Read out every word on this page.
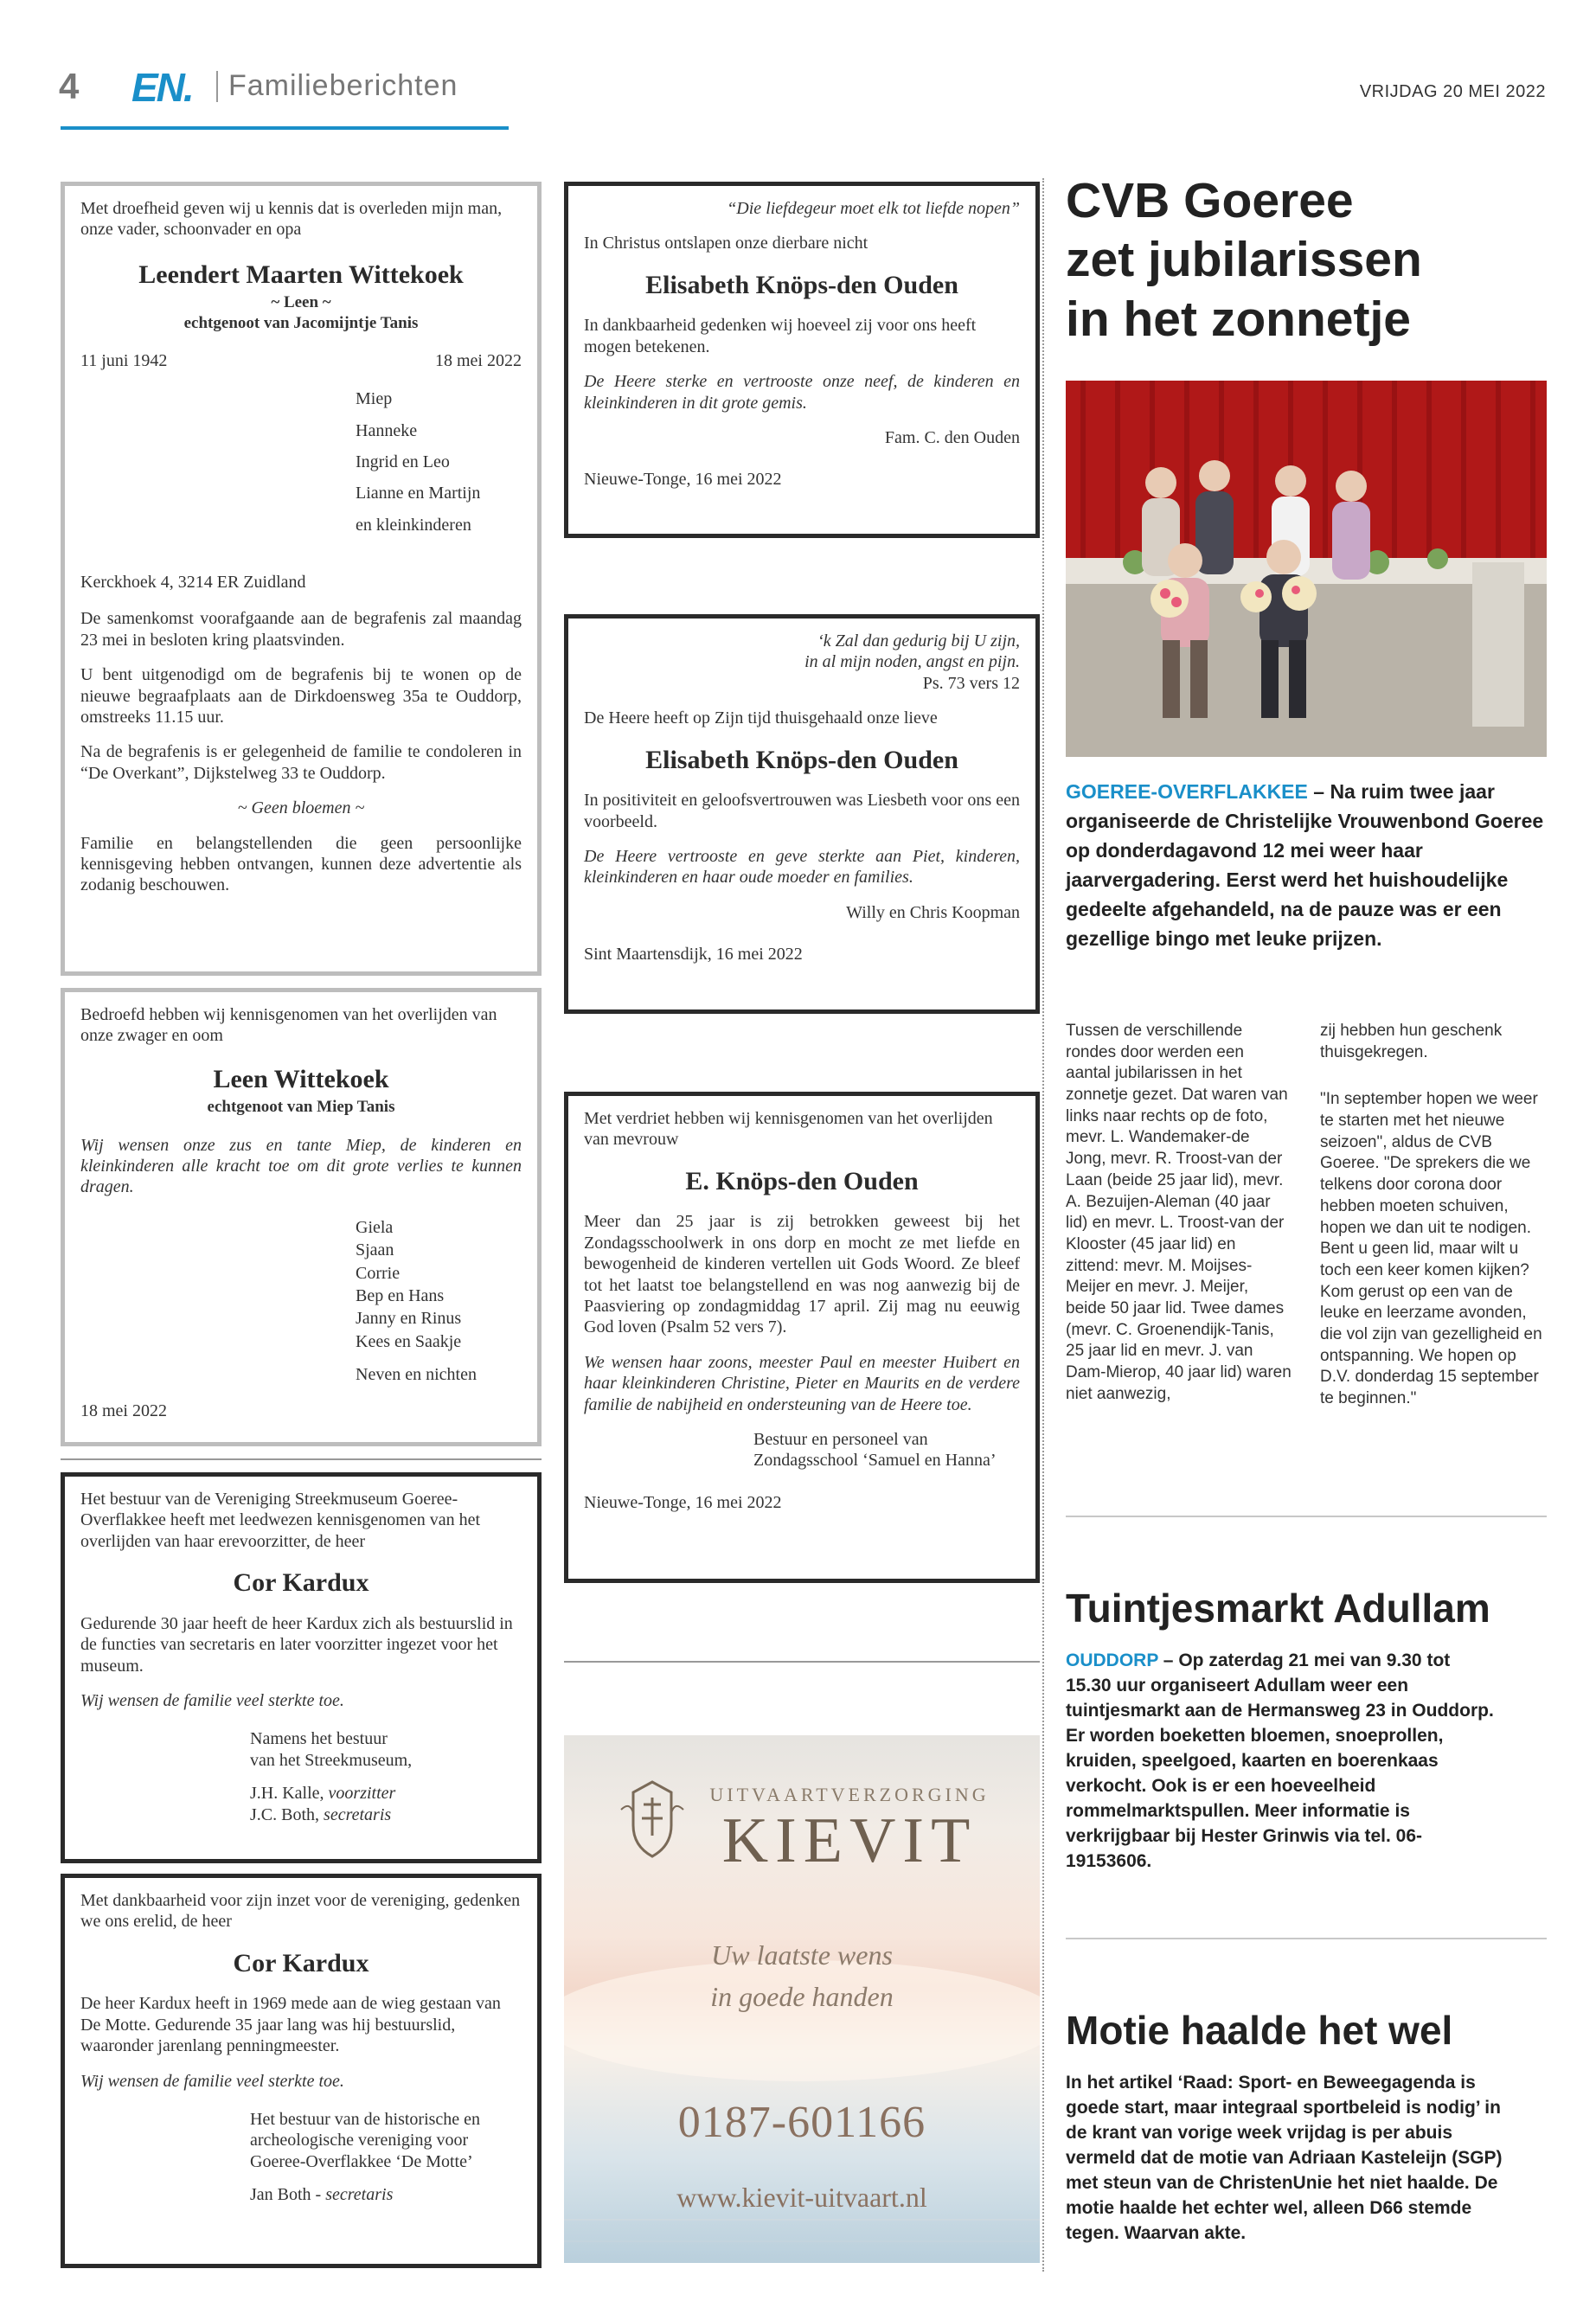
4 EN. Familieberichten	VRIJDAG 20 MEI 2022

Met droefheid geven wij u kennis dat is overleden mijn man, onze vader, schoonvader en opa

Leendert Maarten Wittekoek
~ Leen ~
echtgenoot van Jacomijntje Tanis
11 juni 1942	18 mei 2022
Miep
Hanneke
Ingrid en Leo
Lianne en Martijn
en kleinkinderen

Kerckhoek 4, 3214 ER Zuidland

De samenkomst voorafgaande aan de begrafenis zal maandag 23 mei in besloten kring plaatsvinden.

U bent uitgenodigd om de begrafenis bij te wonen op de nieuwe begraafplaats aan de Dirkdoensweg 35a te Ouddorp, omstreeks 11.15 uur.

Na de begrafenis is er gelegenheid de familie te condoleren in “De Overkant”, Dijkstelweg 33 te Ouddorp.

~ Geen bloemen ~

Familie en belangstellenden die geen persoonlijke kennisgeving hebben ontvangen, kunnen deze advertentie als zodanig beschouwen.

Bedroefd hebben wij kennisgenomen van het overlijden van onze zwager en oom

Leen Wittekoek
echtgenoot van Miep Tanis

Wij wensen onze zus en tante Miep, de kinderen en kleinkinderen alle kracht toe om dit grote verlies te kunnen dragen.

Giela
Sjaan
Corrie
Bep en Hans
Janny en Rinus
Kees en Saakje
Neven en nichten

18 mei 2022

Het bestuur van de Vereniging Streekmuseum Goeree-Overflakkee heeft met leedwezen kennisgenomen van het overlijden van haar erevoorzitter, de heer

Cor Kardux

Gedurende 30 jaar heeft de heer Kardux zich als bestuurslid in de functies van secretaris en later voorzitter ingezet voor het museum.

Wij wensen de familie veel sterkte toe.

Namens het bestuur
van het Streekmuseum,
J.H. Kalle, voorzitter
J.C. Both, secretaris

Met dankbaarheid voor zijn inzet voor de vereniging, gedenken we ons erelid, de heer

Cor Kardux

De heer Kardux heeft in 1969 mede aan de wieg gestaan van De Motte. Gedurende 35 jaar lang was hij bestuurslid, waaronder jarenlang penningmeester.

Wij wensen de familie veel sterkte toe.

Het bestuur van de historische en
archeologische vereniging voor
Goeree-Overflakkee ‘De Motte’
Jan Both - secretaris

“Die liefdegeur moet elk tot liefde nopen”

In Christus ontslapen onze dierbare nicht

Elisabeth Knöps-den Ouden

In dankbaarheid gedenken wij hoeveel zij voor ons heeft mogen betekenen.

De Heere sterke en vertrooste onze neef, de kinderen en kleinkinderen in dit grote gemis.

Fam. C. den Ouden

Nieuwe-Tonge, 16 mei 2022

‘k Zal dan gedurig bij U zijn,
in al mijn noden, angst en pijn.
Ps. 73 vers 12

De Heere heeft op Zijn tijd thuisgehaald onze lieve

Elisabeth Knöps-den Ouden

In positiviteit en geloofsvertrouwen was Liesbeth voor ons een voorbeeld.

De Heere vertrooste en geve sterkte aan Piet, kinderen, kleinkinderen en haar oude moeder en families.

Willy en Chris Koopman

Sint Maartensdijk, 16 mei 2022

Met verdriet hebben wij kennisgenomen van het overlijden van mevrouw

E. Knöps-den Ouden

Meer dan 25 jaar is zij betrokken geweest bij het Zondagsschoolwerk in ons dorp en mocht ze met liefde en bewogenheid de kinderen vertellen uit Gods Woord. Ze bleef tot het laatst toe belangstellend en was nog aanwezig bij de Paasviering op zondagmiddag 17 april. Zij mag nu eeuwig God loven (Psalm 52 vers 7).

We wensen haar zoons, meester Paul en meester Huibert en haar kleinkinderen Christine, Pieter en Maurits en de verdere familie de nabijheid en ondersteuning van de Heere toe.

Bestuur en personeel van
Zondagsschool ‘Samuel en Hanna’

Nieuwe-Tonge, 16 mei 2022

UITVAARTVERZORGING
KIEVIT
Uw laatste wens
in goede handen
0187-601166
www.kievit-uitvaart.nl
CVB Goeree
zet jubilarissen
in het zonnetje
GOEREE-OVERFLAKKEE – Na ruim twee jaar organiseerde de Christelijke Vrouwenbond Goeree op donderdagavond 12 mei weer haar jaarvergadering. Eerst werd het huishoudelijke gedeelte afgehandeld, na de pauze was er een gezellige bingo met leuke prijzen.
Tussen de verschillende rondes door werden een aantal jubilarissen in het zonnetje gezet. Dat waren van links naar rechts op de foto, mevr. L. Wandemaker-de Jong, mevr. R. Troost-van der Laan (beide 25 jaar lid), mevr. A. Bezuijen-Aleman (40 jaar lid) en mevr. L. Troost-van der Klooster (45 jaar lid) en zittend: mevr. M. Moijses-Meijer en mevr. J. Meijer, beide 50 jaar lid. Twee dames (mevr. C. Groenendijk-Tanis, 25 jaar lid en mevr. J. van Dam-Mierop, 40 jaar lid) waren niet aanwezig,
zij hebben hun geschenk thuisgekregen.
"In september hopen we weer te starten met het nieuwe seizoen", aldus de CVB Goeree. "De sprekers die we telkens door corona door hebben moeten schuiven, hopen we dan uit te nodigen. Bent u geen lid, maar wilt u toch een keer komen kijken? Kom gerust op een van de leuke en leerzame avonden, die vol zijn van gezelligheid en ontspanning. We hopen op D.V. donderdag 15 september te beginnen."
Tuintjesmarkt Adullam
OUDDORP – Op zaterdag 21 mei van 9.30 tot 15.30 uur organiseert Adullam weer een tuintjesmarkt aan de Hermansweg 23 in Ouddorp. Er worden boeketten bloemen, snoeprollen, kruiden, speelgoed, kaarten en boerenkaas verkocht. Ook is er een hoeveelheid rommelmarktspullen. Meer informatie is verkrijgbaar bij Hester Grinwis via tel. 06-19153606.
Motie haalde het wel
In het artikel ‘Raad: Sport- en Beweegagenda is goede start, maar integraal sportbeleid is nodig’ in de krant van vorige week vrijdag is per abuis vermeld dat de motie van Adriaan Kasteleijn (SGP) met steun van de ChristenUnie het niet haalde. De motie haalde het echter wel, alleen D66 stemde tegen. Waarvan akte.
